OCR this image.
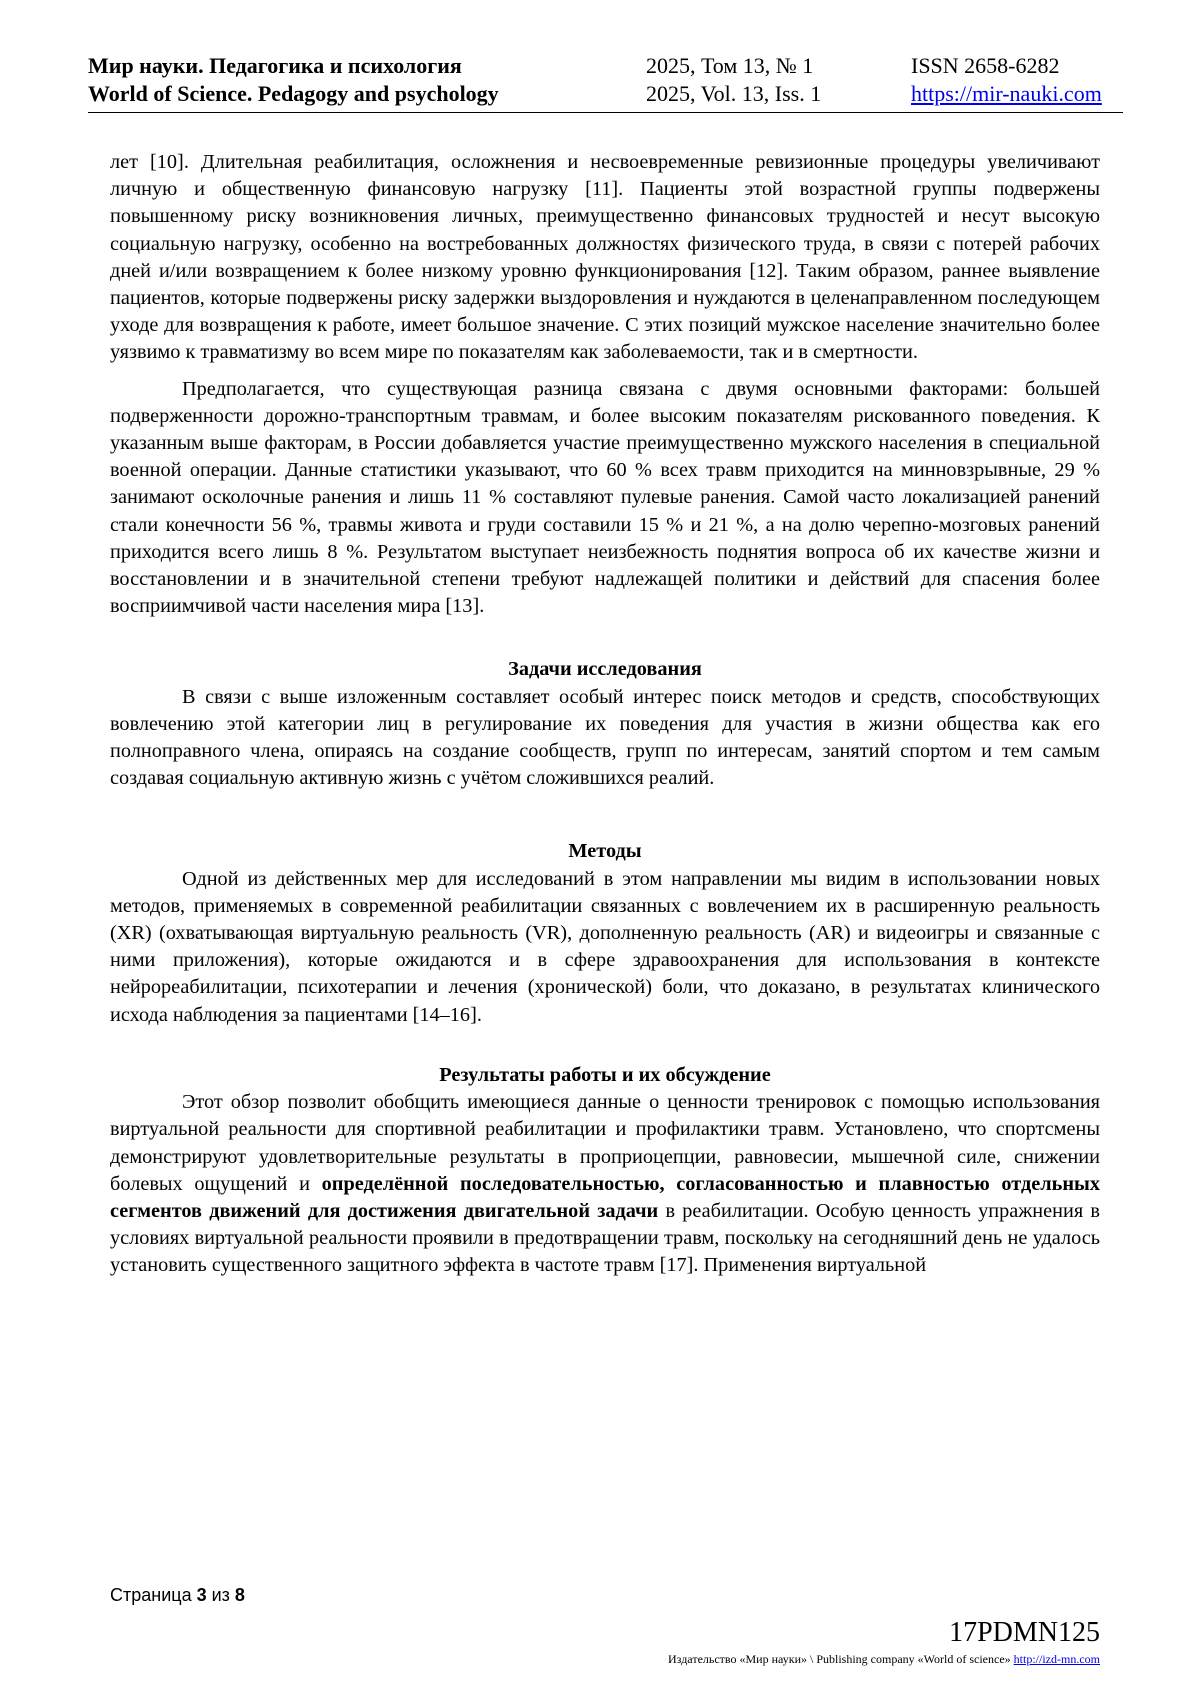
Мир науки. Педагогика и психология
World of Science. Pedagogy and psychology
2025, Том 13, № 1
2025, Vol. 13, Iss. 1
ISSN 2658-6282
https://mir-nauki.com

лет [10]. Длительная реабилитация, осложнения и несвоевременные ревизионные процедуры увеличивают личную и общественную финансовую нагрузку [11]. Пациенты этой возрастной группы подвержены повышенному риску возникновения личных, преимущественно финансовых трудностей и несут высокую социальную нагрузку, особенно на востребованных должностях физического труда, в связи с потерей рабочих дней и/или возвращением к более низкому уровню функционирования [12]. Таким образом, раннее выявление пациентов, которые подвержены риску задержки выздоровления и нуждаются в целенаправленном последующем уходе для возвращения к работе, имеет большое значение. С этих позиций мужское население значительно более уязвимо к травматизму во всем мире по показателям как заболеваемости, так и в смертности.

Предполагается, что существующая разница связана с двумя основными факторами: большей подверженности дорожно-транспортным травмам, и более высоким показателям рискованного поведения. К указанным выше факторам, в России добавляется участие преимущественно мужского населения в специальной военной операции. Данные статистики указывают, что 60 % всех травм приходится на минновзрывные, 29 % занимают осколочные ранения и лишь 11 % составляют пулевые ранения. Самой часто локализацией ранений стали конечности 56 %, травмы живота и груди составили 15 % и 21 %, а на долю черепно-мозговых ранений приходится всего лишь 8 %. Результатом выступает неизбежность поднятия вопроса об их качестве жизни и восстановлении и в значительной степени требуют надлежащей политики и действий для спасения более восприимчивой части населения мира [13].

Задачи исследования

В связи с выше изложенным составляет особый интерес поиск методов и средств, способствующих вовлечению этой категории лиц в регулирование их поведения для участия в жизни общества как его полноправного члена, опираясь на создание сообществ, групп по интересам, занятий спортом и тем самым создавая социальную активную жизнь с учётом сложившихся реалий.

Методы

Одной из действенных мер для исследований в этом направлении мы видим в использовании новых методов, применяемых в современной реабилитации связанных с вовлечением их в расширенную реальность (XR) (охватывающая виртуальную реальность (VR), дополненную реальность (AR) и видеоигры и связанные с ними приложения), которые ожидаются и в сфере здравоохранения для использования в контексте нейрореабилитации, психотерапии и лечения (хронической) боли, что доказано, в результатах клинического исхода наблюдения за пациентами [14–16].

Результаты работы и их обсуждение

Этот обзор позволит обобщить имеющиеся данные о ценности тренировок с помощью использования виртуальной реальности для спортивной реабилитации и профилактики травм. Установлено, что спортсмены демонстрируют удовлетворительные результаты в проприоцепции, равновесии, мышечной силе, снижении болевых ощущений и определённой последовательностью, согласованностью и плавностью отдельных сегментов движений для достижения двигательной задачи в реабилитации. Особую ценность упражнения в условиях виртуальной реальности проявили в предотвращении травм, поскольку на сегодняшний день не удалось установить существенного защитного эффекта в частоте травм [17]. Применения виртуальной

Страница 3 из 8
17PDMN125
Издательство «Мир науки» \ Publishing company «World of science» http://izd-mn.com
